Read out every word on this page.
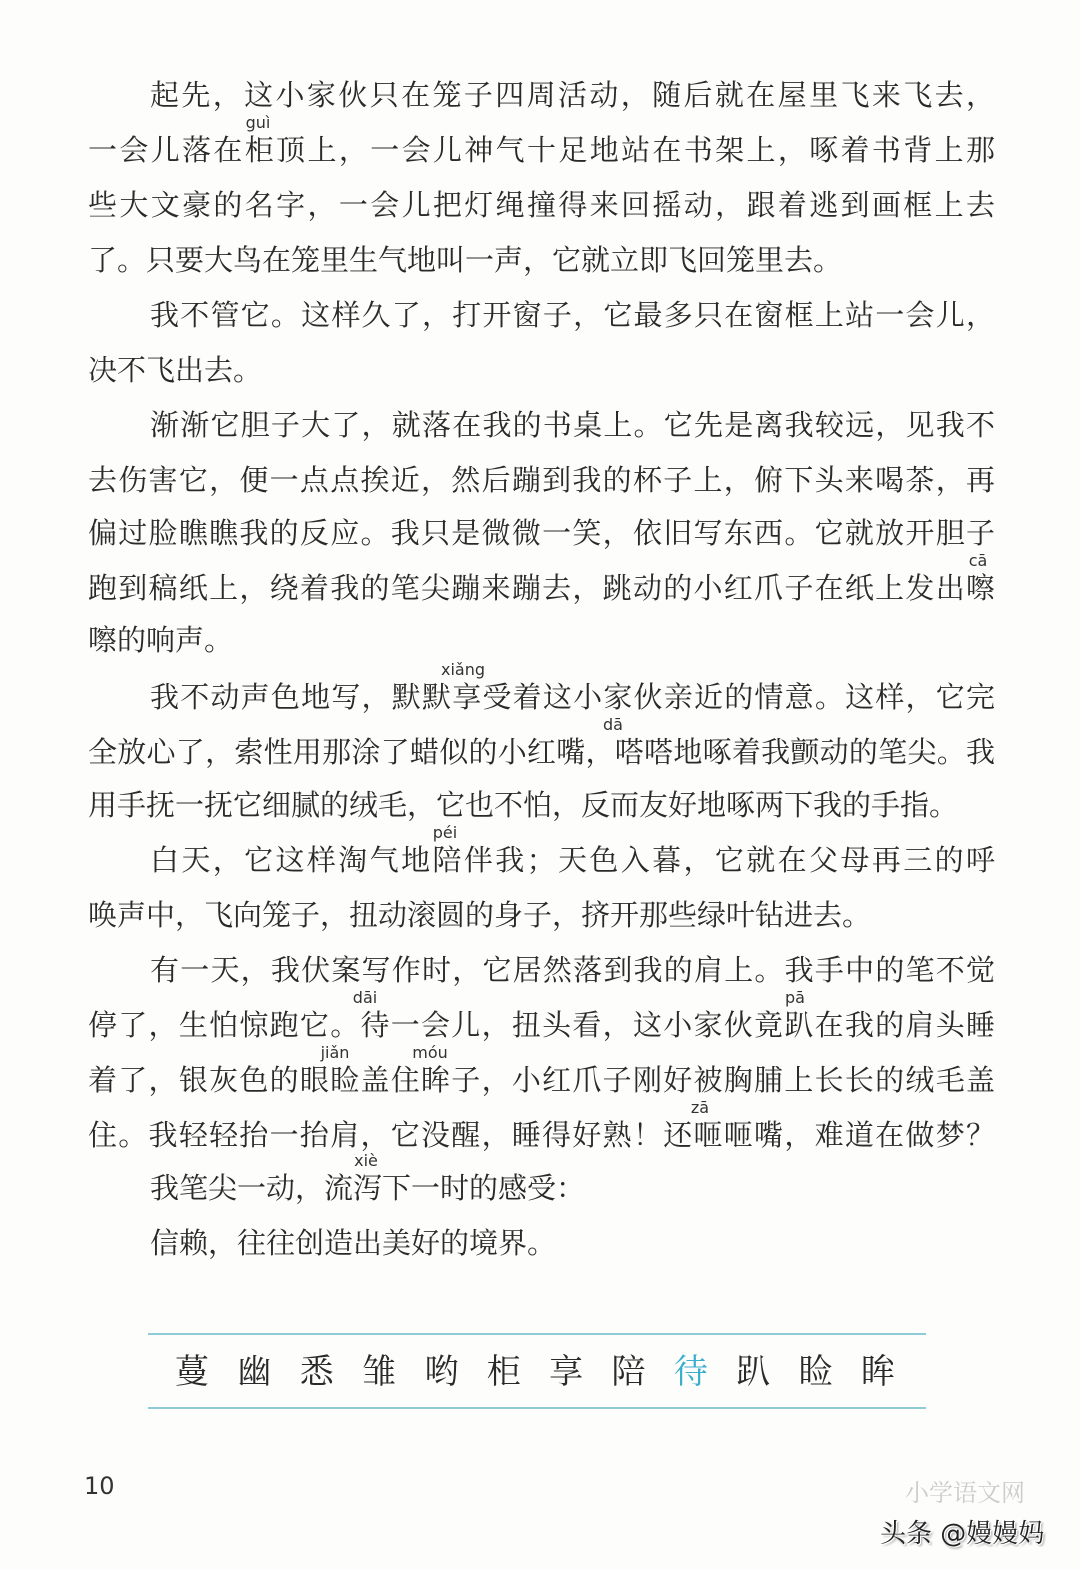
起先，这小家伙只在笼子四周活动，随后就在屋里飞来飞去，
一会儿落在柜顶上，一会儿神气十足地站在书架上，啄着书背上那
些大文豪的名字，一会儿把灯绳撞得来回摇动，跟着逃到画框上去
了。只要大鸟在笼里生气地叫一声，它就立即飞回笼里去。
我不管它。这样久了，打开窗子，它最多只在窗框上站一会儿，
决不飞出去。
渐渐它胆子大了，就落在我的书桌上。它先是离我较远，见我不
去伤害它，便一点点挨近，然后蹦到我的杯子上，俯下头来喝茶，再
偏过脸瞧瞧我的反应。我只是微微一笑，依旧写东西。它就放开胆子
跑到稿纸上，绕着我的笔尖蹦来蹦去，跳动的小红爪子在纸上发出嚓
嚓的响声。
我不动声色地写，默默享受着这小家伙亲近的情意。这样，它完
全放心了，索性用那涂了蜡似的小红嘴，嗒嗒地啄着我颤动的笔尖。我
用手抚一抚它细腻的绒毛，它也不怕，反而友好地啄两下我的手指。
白天，它这样淘气地陪伴我；天色入暮，它就在父母再三的呼
唤声中，飞向笼子，扭动滚圆的身子，挤开那些绿叶钻进去。
有一天，我伏案写作时，它居然落到我的肩上。我手中的笔不觉
停了，生怕惊跑它。待一会儿，扭头看，这小家伙竟趴在我的肩头睡
着了，银灰色的眼睑盖住眸子，小红爪子刚好被胸脯上长长的绒毛盖
住。我轻轻抬一抬肩，它没醒，睡得好熟！还咂咂嘴，难道在做梦？
我笔尖一动，流泻下一时的感受：
信赖，往往创造出美好的境界。
guì
cā
xiǎng
dā
péi
dāi	pā
jiǎn	móu
zā
xiè
蔓 幽 悉 雏 哟 柜 享 陪 待 趴 睑 眸
10	小学语文网
头条 @嫚嫚妈
